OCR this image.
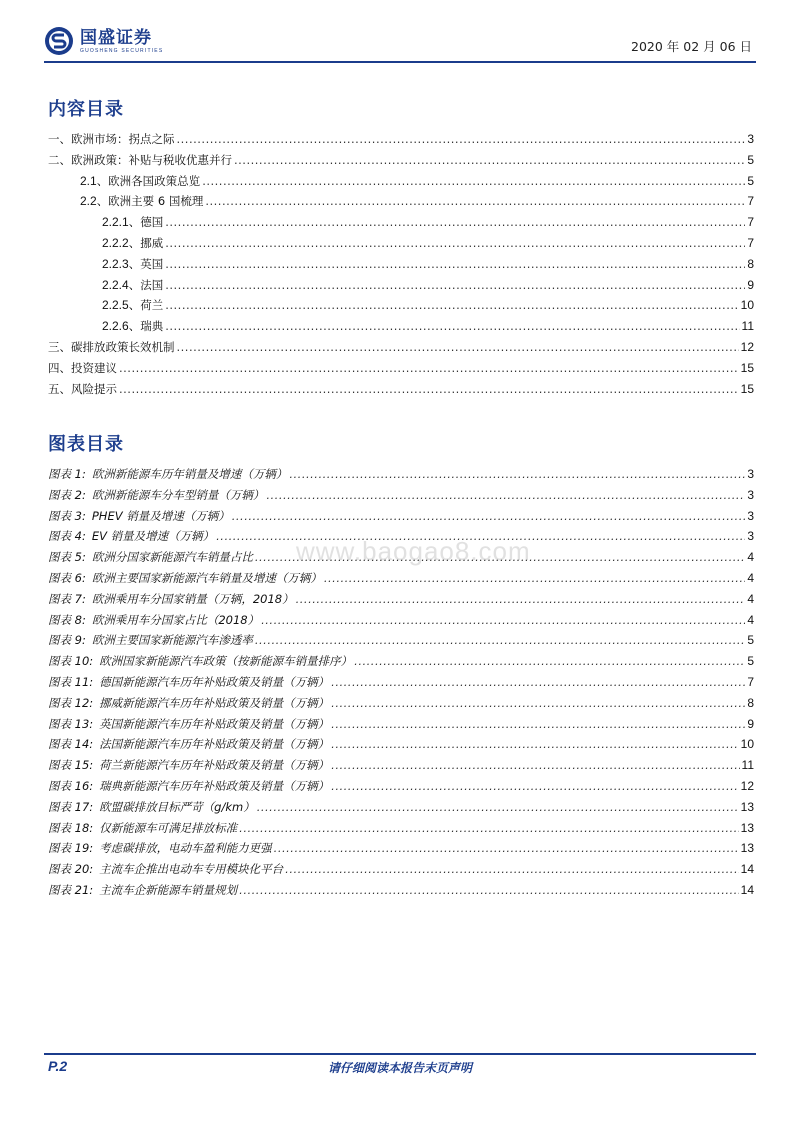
国盛证券
GUOSHENG SECURITIES	2020 年 02 月 06 日
内容目录
一、欧洲市场：拐点之际 .....	3
二、欧洲政策：补贴与税收优惠并行 .....	5
2.1、欧洲各国政策总览 .....	5
2.2、欧洲主要 6 国梳理 .....	7
2.2.1、德国 .....	7
2.2.2、挪威 .....	7
2.2.3、英国 .....	8
2.2.4、法国 .....	9
2.2.5、荷兰 .....	10
2.2.6、瑞典 .....	11
三、碳排放政策长效机制 .....	12
四、投资建议 .....	15
五、风险提示 .....	15
图表目录
图表 1: 欧洲新能源车历年销量及增速（万辆） .....	3
图表 2: 欧洲新能源车分车型销量（万辆） .....	3
图表 3: PHEV 销量及增速（万辆） .....	3
图表 4: EV 销量及增速（万辆） .....	3
图表 5: 欧洲分国家新能源汽车销量占比 .....	4
图表 6: 欧洲主要国家新能源汽车销量及增速（万辆） .....	4
图表 7: 欧洲乘用车分国家销量（万辆，2018） .....	4
图表 8: 欧洲乘用车分国家占比（2018） .....	4
图表 9: 欧洲主要国家新能源汽车渗透率 .....	5
图表 10: 欧洲国家新能源汽车政策（按新能源车销量排序） .....	5
图表 11: 德国新能源汽车历年补贴政策及销量（万辆） .....	7
图表 12: 挪威新能源汽车历年补贴政策及销量（万辆） .....	8
图表 13: 英国新能源汽车历年补贴政策及销量（万辆） .....	9
图表 14: 法国新能源汽车历年补贴政策及销量（万辆） .....	10
图表 15: 荷兰新能源汽车历年补贴政策及销量（万辆） .....	11
图表 16: 瑞典新能源汽车历年补贴政策及销量（万辆） .....	12
图表 17: 欧盟碳排放目标严苛（g/km） .....	13
图表 18: 仅新能源车可满足排放标准 .....	13
图表 19: 考虑碳排放，电动车盈利能力更强 .....	13
图表 20: 主流车企推出电动车专用模块化平台 .....	14
图表 21: 主流车企新能源车销量规划 .....	14
www.baogao8.com
P.2	请仔细阅读本报告末页声明
